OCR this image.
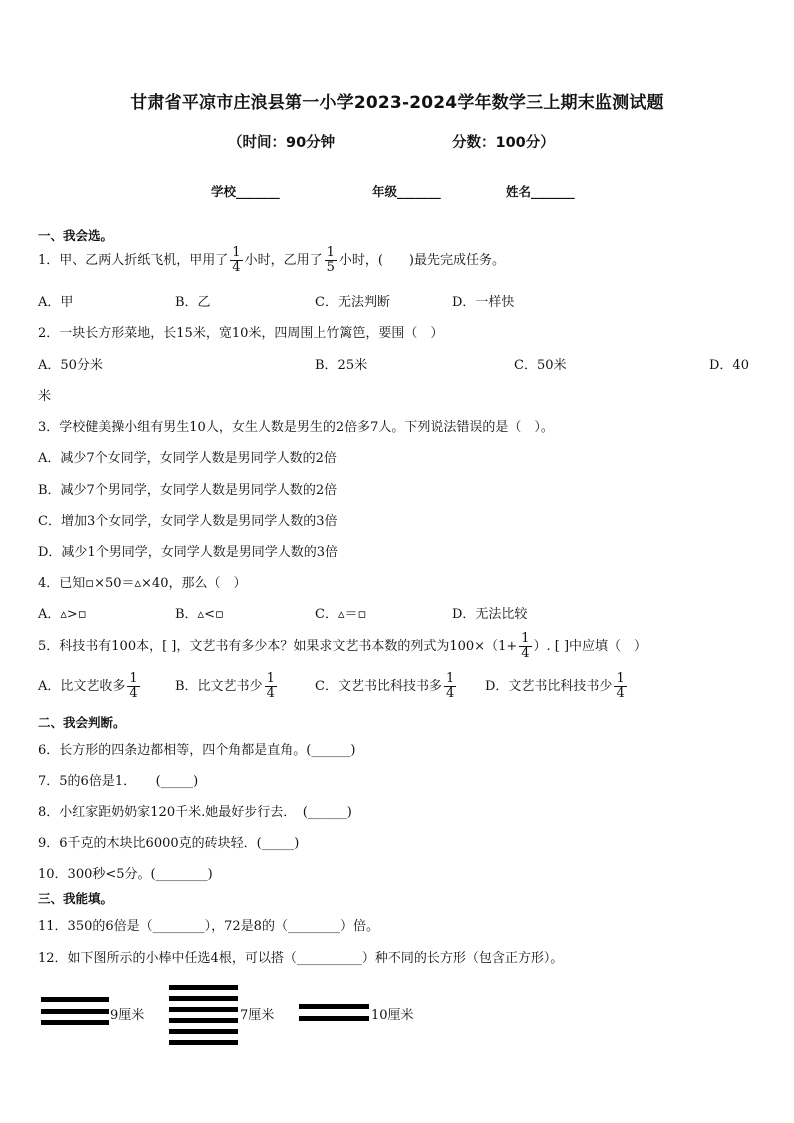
甘肃省平凉市庄浪县第一小学2023-2024学年数学三上期末监测试题
（时间：90分钟	分数：100分）
学校_______	年级_______	姓名_______
一、我会选。
1．甲、乙两人折纸飞机，甲用了 $\frac{1}{4}$ 小时，乙用了 $\frac{1}{5}$ 小时，(　　)最先完成任务。
A．甲	B．乙	C．无法判断	D．一样快
2．一块长方形菜地，长15米，宽10米，四周围上竹篱笆，要围（　）
A．50分米	B．25米	C．50米	D．40
米
3．学校健美操小组有男生10人，女生人数是男生的2倍多7人。下列说法错误的是（　）。
A．减少7个女同学，女同学人数是男同学人数的2倍
B．减少7个男同学，女同学人数是男同学人数的2倍
C．增加3个女同学，女同学人数是男同学人数的3倍
D．减少1个男同学，女同学人数是男同学人数的3倍
4．已知▫×50＝▵×40，那么（　）
A．▵>▫	B．▵<▫	C．▵＝▫	D．无法比较
5．科技书有100本，[ ]，文艺书有多少本？如果求文艺书本数的列式为$100\times(1+ \frac{1}{4}$ ）. [ ]中应填（　）
A．比文艺收多 $\frac{1}{4}$	B．比文艺书少 $\frac{1}{4}$	C．文艺书比科技书多 $\frac{1}{4}$ D．文艺书比科技书少 $\frac{1}{4}$
二、我会判断。
6．长方形的四条边都相等，四个角都是直角。(______)
7．5的6倍是1．　　(_____)
8．小红家距奶奶家120千米.她最好步行去．　(______)
9．6千克的木块比6000克的砖块轻．(_____)
10．300秒<5分。(________)
三、我能填。
11．350的6倍是（________），72是8的（________）倍。
12．如下图所示的小棒中任选4根，可以搭（__________）种不同的长方形（包含正方形）。
9厘米	7厘米	10厘米
